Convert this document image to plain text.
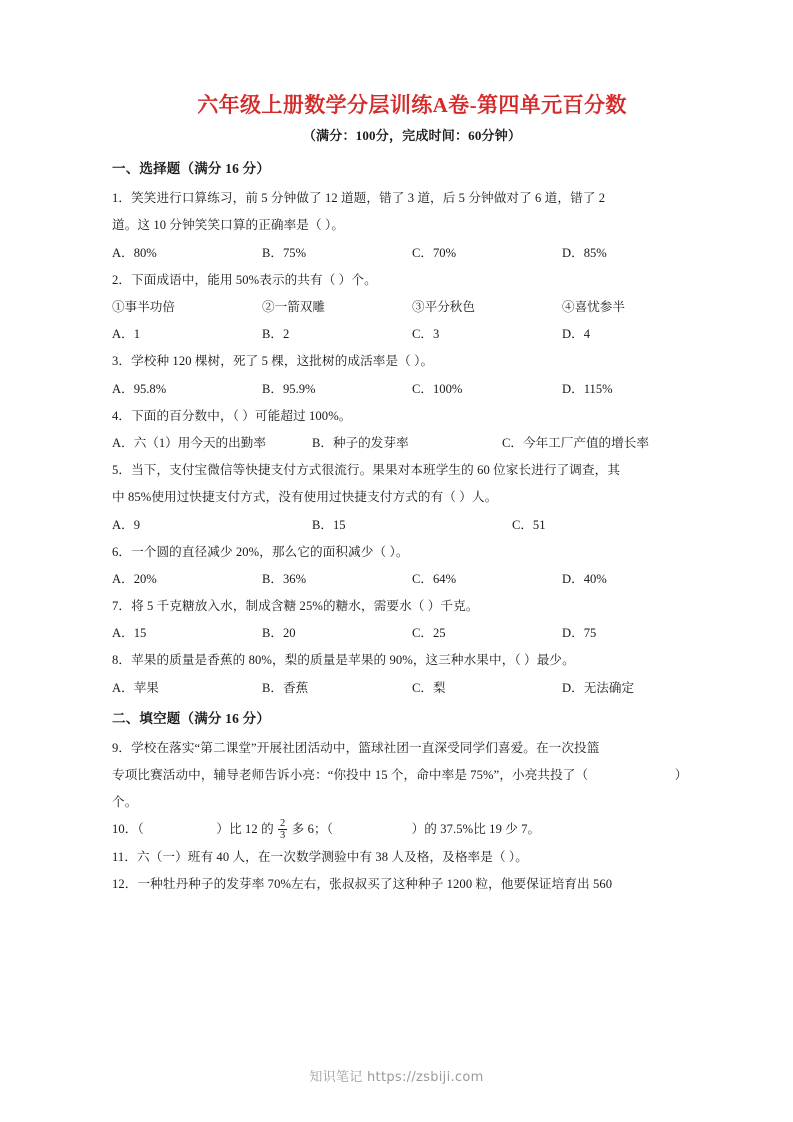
六年级上册数学分层训练A卷-第四单元百分数
（满分：100分，完成时间：60分钟）
一、选择题（满分 16 分）
1．笑笑进行口算练习，前 5 分钟做了 12 道题，错了 3 道，后 5 分钟做对了 6 道，错了 2
道。这 10 分钟笑笑口算的正确率是（ ）。
A．80%	B．75%	C．70%	D．85%
2．下面成语中，能用 50%表示的共有（ ）个。
①事半功倍	②一箭双雕	③平分秋色	④喜忧参半
A．1	B．2	C．3	D．4
3．学校种 120 棵树，死了 5 棵，这批树的成活率是（ ）。
A．95.8%	B．95.9%	C．100%	D．115%
4．下面的百分数中，（ ）可能超过 100%。
A．六（1）用今天的出勤率	B．种子的发芽率	C．今年工厂产值的增长率
5．当下，支付宝微信等快捷支付方式很流行。果果对本班学生的 60 位家长进行了调查，其
中 85%使用过快捷支付方式，没有使用过快捷支付方式的有（ ）人。
A．9	B．15	C．51
6．一个圆的直径减少 20%，那么它的面积减少（ ）。
A．20%	B．36%	C．64%	D．40%
7．将 5 千克糖放入水，制成含糖 25%的糖水，需要水（ ）千克。
A．15	B．20	C．25	D．75
8．苹果的质量是香蕉的 80%，梨的质量是苹果的 90%，这三种水果中，（ ）最少。
A．苹果	B．香蕉	C．梨	D．无法确定
二、填空题（满分 16 分）
9．学校在落实“第二课堂”开展社团活动中，篮球社团一直深受同学们喜爱。在一次投篮
专项比赛活动中，辅导老师告诉小亮：“你投中 15 个，命中率是 75%”，小亮共投了（	）
个。
10．（	）比 12 的 $\frac{2}{3}$ 多 6；（	）的 37.5%比 19 少 7。
11．六（一）班有 40 人，在一次数学测验中有 38 人及格，及格率是（ ）。
12．一种牡丹种子的发芽率 70%左右，张叔叔买了这种种子 1200 粒，他要保证培育出 560
知识笔记 https://zsbiji.com
